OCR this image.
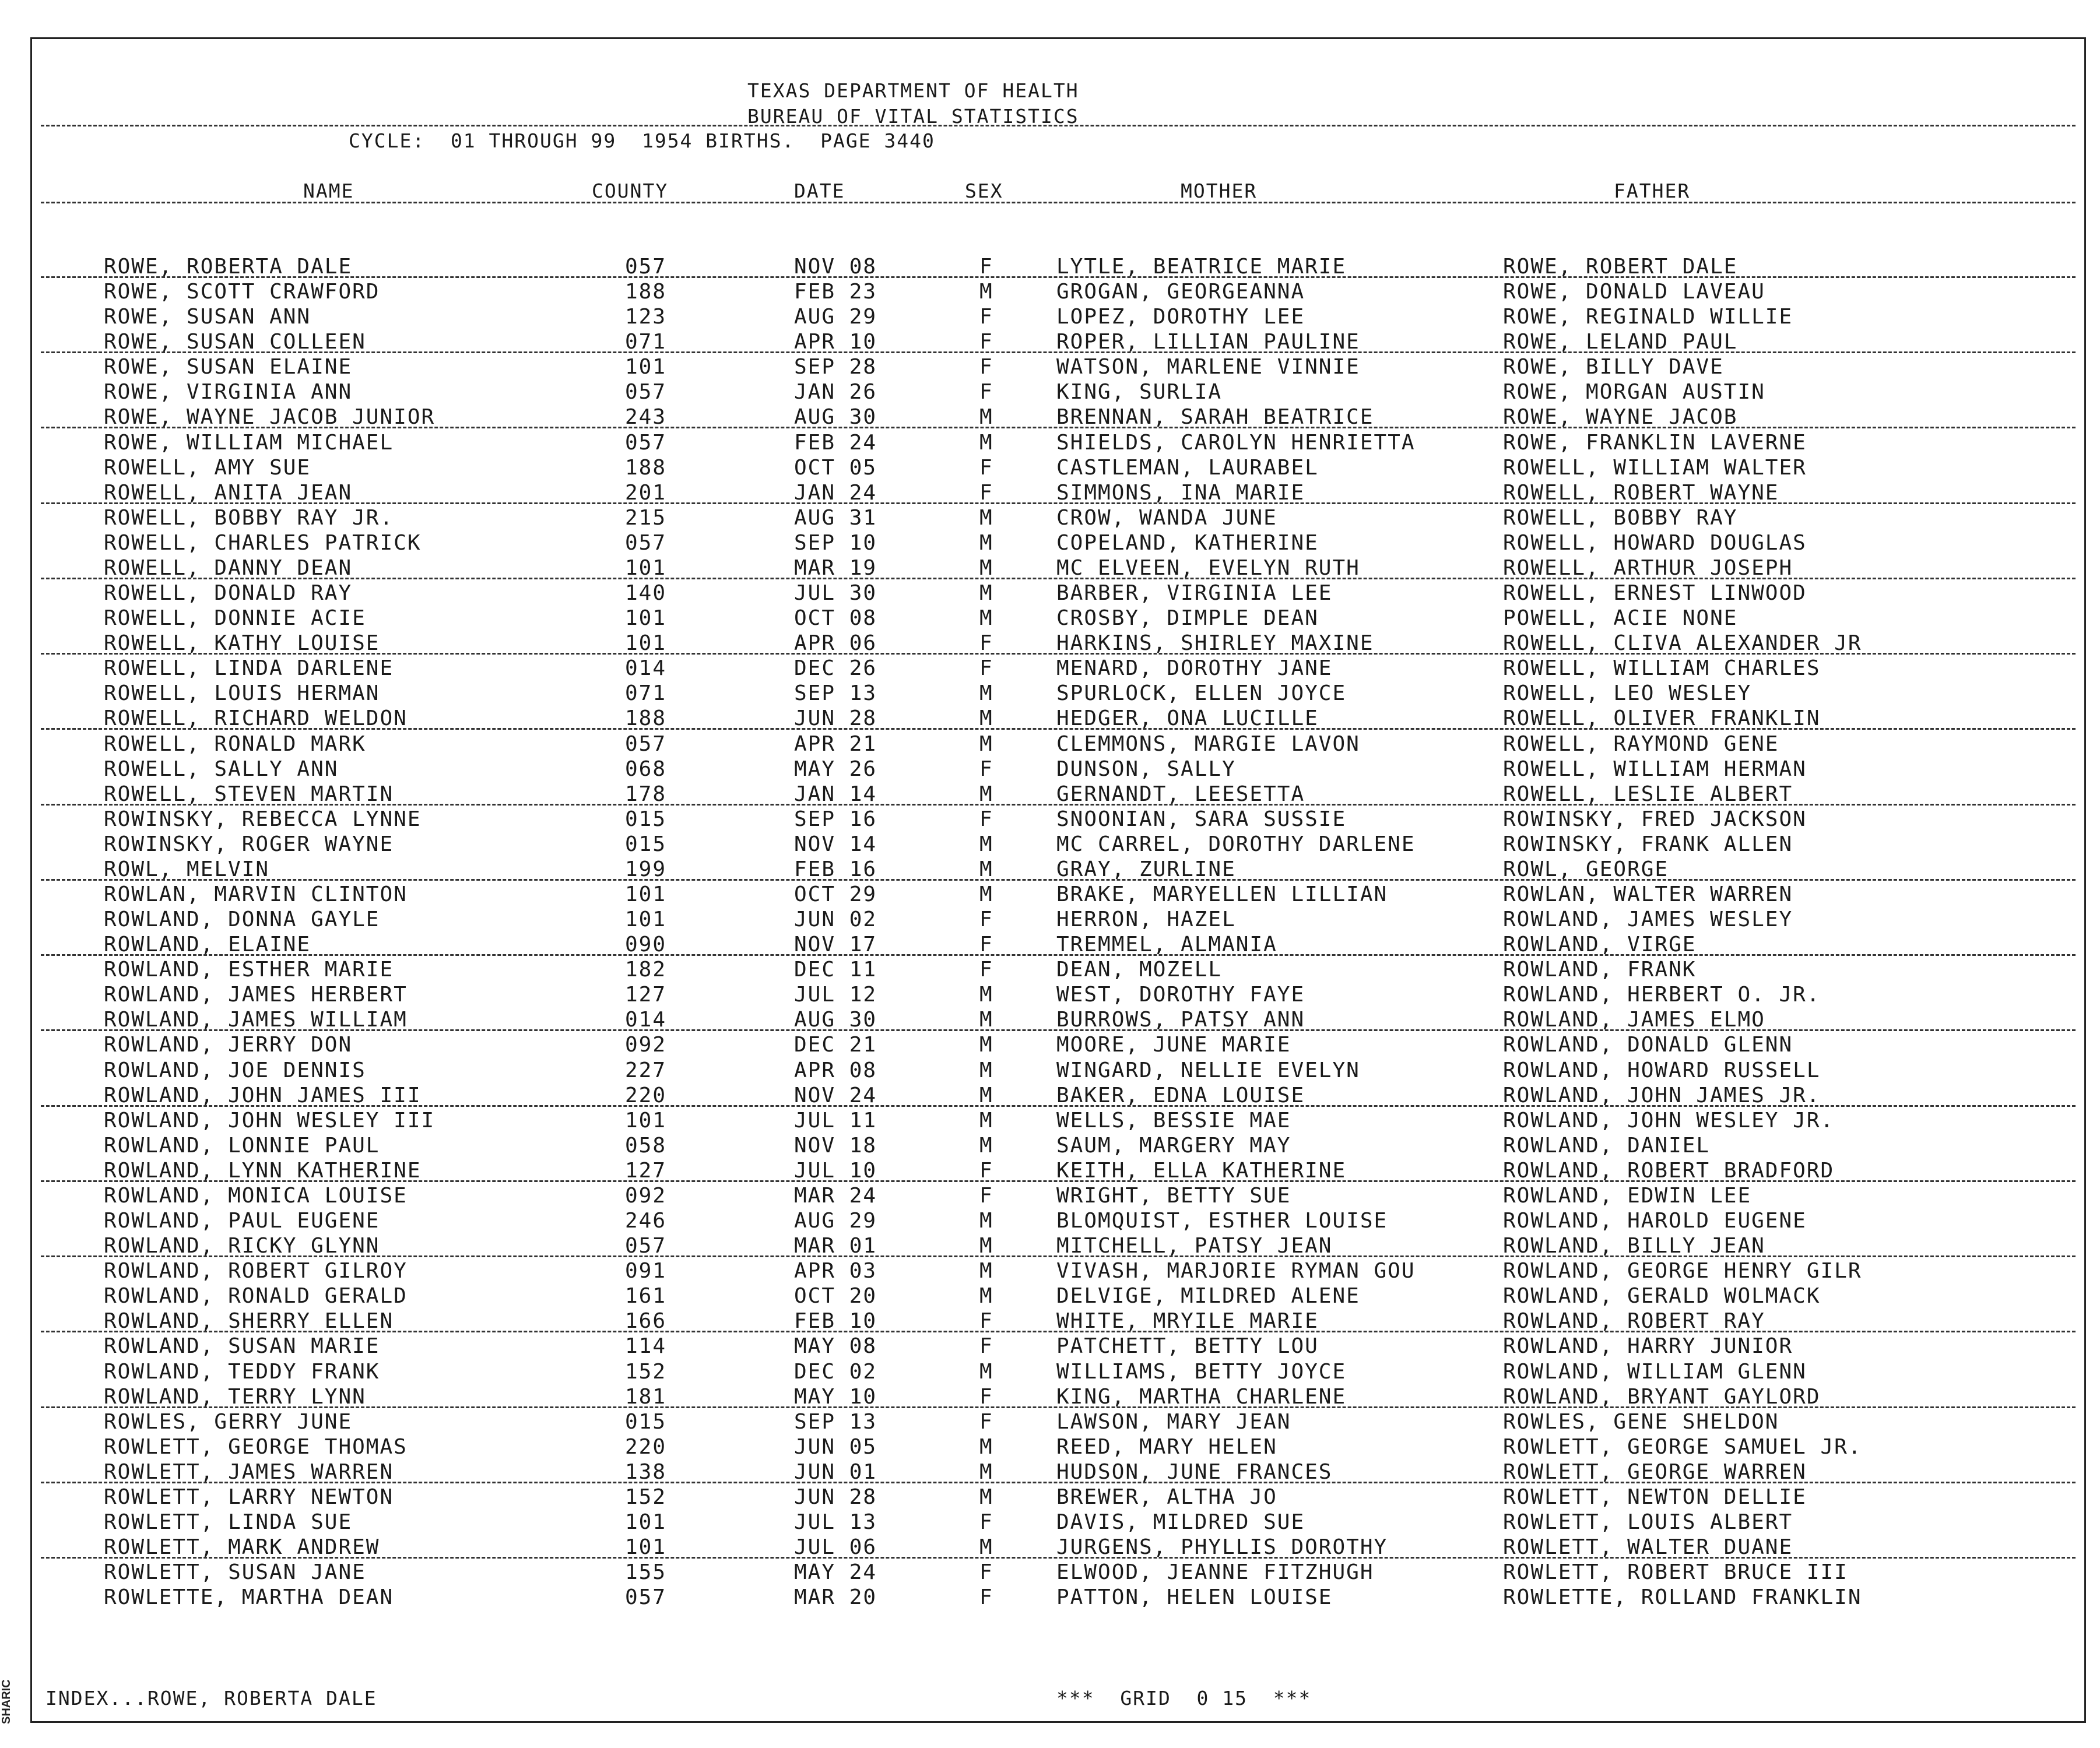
SHARIC
TEXAS DEPARTMENT OF HEALTH
BUREAU OF VITAL STATISTICS
CYCLE:  01 THROUGH 99  1954 BIRTHS.  PAGE 3440
NAME	COUNTY	DATE	SEX	MOTHER	FATHER
ROWE, ROBERTA DALE	057	NOV 08	F	LYTLE, BEATRICE MARIE	ROWE, ROBERT DALE
ROWE, SCOTT CRAWFORD	188	FEB 23	M	GROGAN, GEORGEANNA	ROWE, DONALD LAVEAU
ROWE, SUSAN ANN	123	AUG 29	F	LOPEZ, DOROTHY LEE	ROWE, REGINALD WILLIE
ROWE, SUSAN COLLEEN	071	APR 10	F	ROPER, LILLIAN PAULINE	ROWE, LELAND PAUL
ROWE, SUSAN ELAINE	101	SEP 28	F	WATSON, MARLENE VINNIE	ROWE, BILLY DAVE
ROWE, VIRGINIA ANN	057	JAN 26	F	KING, SURLIA	ROWE, MORGAN AUSTIN
ROWE, WAYNE JACOB JUNIOR	243	AUG 30	M	BRENNAN, SARAH BEATRICE	ROWE, WAYNE JACOB
ROWE, WILLIAM MICHAEL	057	FEB 24	M	SHIELDS, CAROLYN HENRIETTA	ROWE, FRANKLIN LAVERNE
ROWELL, AMY SUE	188	OCT 05	F	CASTLEMAN, LAURABEL	ROWELL, WILLIAM WALTER
ROWELL, ANITA JEAN	201	JAN 24	F	SIMMONS, INA MARIE	ROWELL, ROBERT WAYNE
ROWELL, BOBBY RAY JR.	215	AUG 31	M	CROW, WANDA JUNE	ROWELL, BOBBY RAY
ROWELL, CHARLES PATRICK	057	SEP 10	M	COPELAND, KATHERINE	ROWELL, HOWARD DOUGLAS
ROWELL, DANNY DEAN	101	MAR 19	M	MC ELVEEN, EVELYN RUTH	ROWELL, ARTHUR JOSEPH
ROWELL, DONALD RAY	140	JUL 30	M	BARBER, VIRGINIA LEE	ROWELL, ERNEST LINWOOD
ROWELL, DONNIE ACIE	101	OCT 08	M	CROSBY, DIMPLE DEAN	POWELL, ACIE NONE
ROWELL, KATHY LOUISE	101	APR 06	F	HARKINS, SHIRLEY MAXINE	ROWELL, CLIVA ALEXANDER JR
ROWELL, LINDA DARLENE	014	DEC 26	F	MENARD, DOROTHY JANE	ROWELL, WILLIAM CHARLES
ROWELL, LOUIS HERMAN	071	SEP 13	M	SPURLOCK, ELLEN JOYCE	ROWELL, LEO WESLEY
ROWELL, RICHARD WELDON	188	JUN 28	M	HEDGER, ONA LUCILLE	ROWELL, OLIVER FRANKLIN
ROWELL, RONALD MARK	057	APR 21	M	CLEMMONS, MARGIE LAVON	ROWELL, RAYMOND GENE
ROWELL, SALLY ANN	068	MAY 26	F	DUNSON, SALLY	ROWELL, WILLIAM HERMAN
ROWELL, STEVEN MARTIN	178	JAN 14	M	GERNANDT, LEESETTA	ROWELL, LESLIE ALBERT
ROWINSKY, REBECCA LYNNE	015	SEP 16	F	SNOONIAN, SARA SUSSIE	ROWINSKY, FRED JACKSON
ROWINSKY, ROGER WAYNE	015	NOV 14	M	MC CARREL, DOROTHY DARLENE	ROWINSKY, FRANK ALLEN
ROWL, MELVIN	199	FEB 16	M	GRAY, ZURLINE	ROWL, GEORGE
ROWLAN, MARVIN CLINTON	101	OCT 29	M	BRAKE, MARYELLEN LILLIAN	ROWLAN, WALTER WARREN
ROWLAND, DONNA GAYLE	101	JUN 02	F	HERRON, HAZEL	ROWLAND, JAMES WESLEY
ROWLAND, ELAINE	090	NOV 17	F	TREMMEL, ALMANIA	ROWLAND, VIRGE
ROWLAND, ESTHER MARIE	182	DEC 11	F	DEAN, MOZELL	ROWLAND, FRANK
ROWLAND, JAMES HERBERT	127	JUL 12	M	WEST, DOROTHY FAYE	ROWLAND, HERBERT O. JR.
ROWLAND, JAMES WILLIAM	014	AUG 30	M	BURROWS, PATSY ANN	ROWLAND, JAMES ELMO
ROWLAND, JERRY DON	092	DEC 21	M	MOORE, JUNE MARIE	ROWLAND, DONALD GLENN
ROWLAND, JOE DENNIS	227	APR 08	M	WINGARD, NELLIE EVELYN	ROWLAND, HOWARD RUSSELL
ROWLAND, JOHN JAMES III	220	NOV 24	M	BAKER, EDNA LOUISE	ROWLAND, JOHN JAMES JR.
ROWLAND, JOHN WESLEY III	101	JUL 11	M	WELLS, BESSIE MAE	ROWLAND, JOHN WESLEY JR.
ROWLAND, LONNIE PAUL	058	NOV 18	M	SAUM, MARGERY MAY	ROWLAND, DANIEL
ROWLAND, LYNN KATHERINE	127	JUL 10	F	KEITH, ELLA KATHERINE	ROWLAND, ROBERT BRADFORD
ROWLAND, MONICA LOUISE	092	MAR 24	F	WRIGHT, BETTY SUE	ROWLAND, EDWIN LEE
ROWLAND, PAUL EUGENE	246	AUG 29	M	BLOMQUIST, ESTHER LOUISE	ROWLAND, HAROLD EUGENE
ROWLAND, RICKY GLYNN	057	MAR 01	M	MITCHELL, PATSY JEAN	ROWLAND, BILLY JEAN
ROWLAND, ROBERT GILROY	091	APR 03	M	VIVASH, MARJORIE RYMAN GOU	ROWLAND, GEORGE HENRY GILR
ROWLAND, RONALD GERALD	161	OCT 20	M	DELVIGE, MILDRED ALENE	ROWLAND, GERALD WOLMACK
ROWLAND, SHERRY ELLEN	166	FEB 10	F	WHITE, MRYILE MARIE	ROWLAND, ROBERT RAY
ROWLAND, SUSAN MARIE	114	MAY 08	F	PATCHETT, BETTY LOU	ROWLAND, HARRY JUNIOR
ROWLAND, TEDDY FRANK	152	DEC 02	M	WILLIAMS, BETTY JOYCE	ROWLAND, WILLIAM GLENN
ROWLAND, TERRY LYNN	181	MAY 10	F	KING, MARTHA CHARLENE	ROWLAND, BRYANT GAYLORD
ROWLES, GERRY JUNE	015	SEP 13	F	LAWSON, MARY JEAN	ROWLES, GENE SHELDON
ROWLETT, GEORGE THOMAS	220	JUN 05	M	REED, MARY HELEN	ROWLETT, GEORGE SAMUEL JR.
ROWLETT, JAMES WARREN	138	JUN 01	M	HUDSON, JUNE FRANCES	ROWLETT, GEORGE WARREN
ROWLETT, LARRY NEWTON	152	JUN 28	M	BREWER, ALTHA JO	ROWLETT, NEWTON DELLIE
ROWLETT, LINDA SUE	101	JUL 13	F	DAVIS, MILDRED SUE	ROWLETT, LOUIS ALBERT
ROWLETT, MARK ANDREW	101	JUL 06	M	JURGENS, PHYLLIS DOROTHY	ROWLETT, WALTER DUANE
ROWLETT, SUSAN JANE	155	MAY 24	F	ELWOOD, JEANNE FITZHUGH	ROWLETT, ROBERT BRUCE III
ROWLETTE, MARTHA DEAN	057	MAR 20	F	PATTON, HELEN LOUISE	ROWLETTE, ROLLAND FRANKLIN
INDEX...ROWE, ROBERTA DALE	***  GRID  0 15  ***
